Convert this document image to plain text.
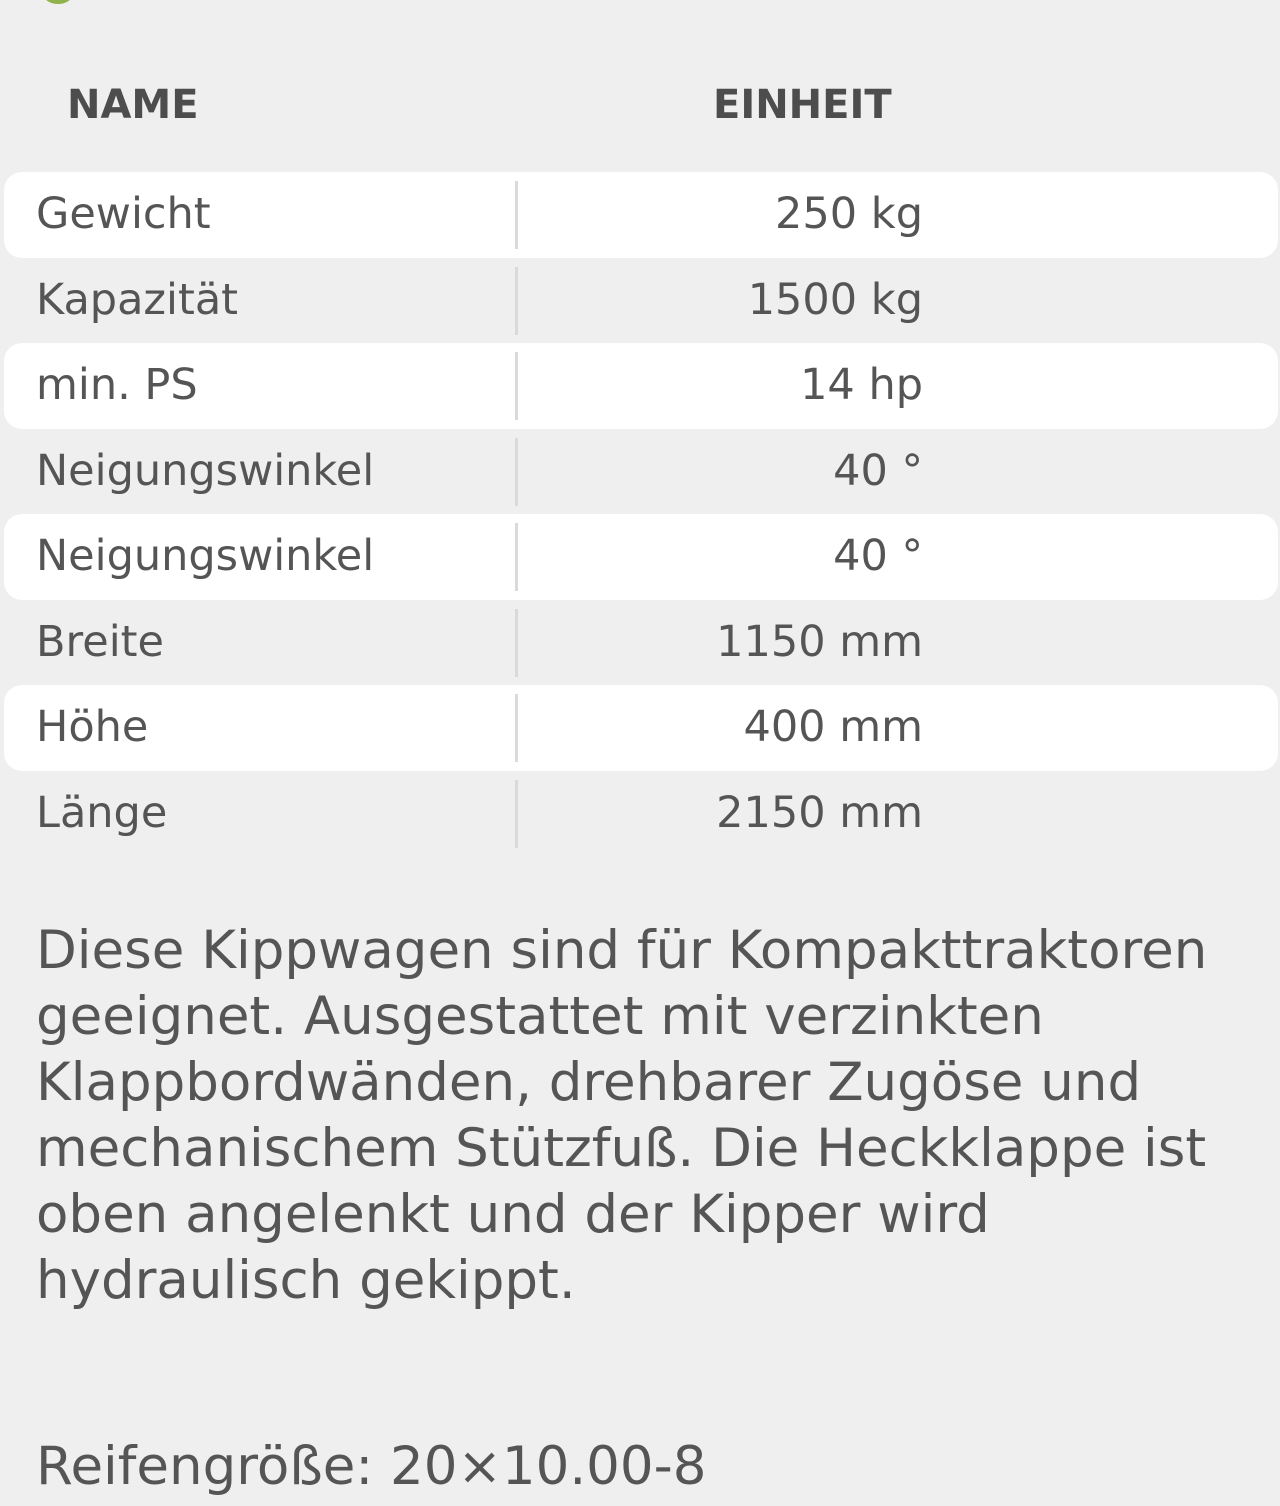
NAME	EINHEIT
Gewicht	250 kg
Kapazität	1500 kg
min. PS	14 hp
Neigungswinkel	40 °
Neigungswinkel	40 °
Breite	1150 mm
Höhe	400 mm
Länge	2150 mm

Diese Kippwagen sind für Kompakttraktoren geeignet. Ausgestattet mit verzinkten Klappbordwänden, drehbarer Zugöse und mechanischem Stützfuß. Die Heckklappe ist oben angelenkt und der Kipper wird hydraulisch gekippt.

Reifengröße: 20×10.00-8
